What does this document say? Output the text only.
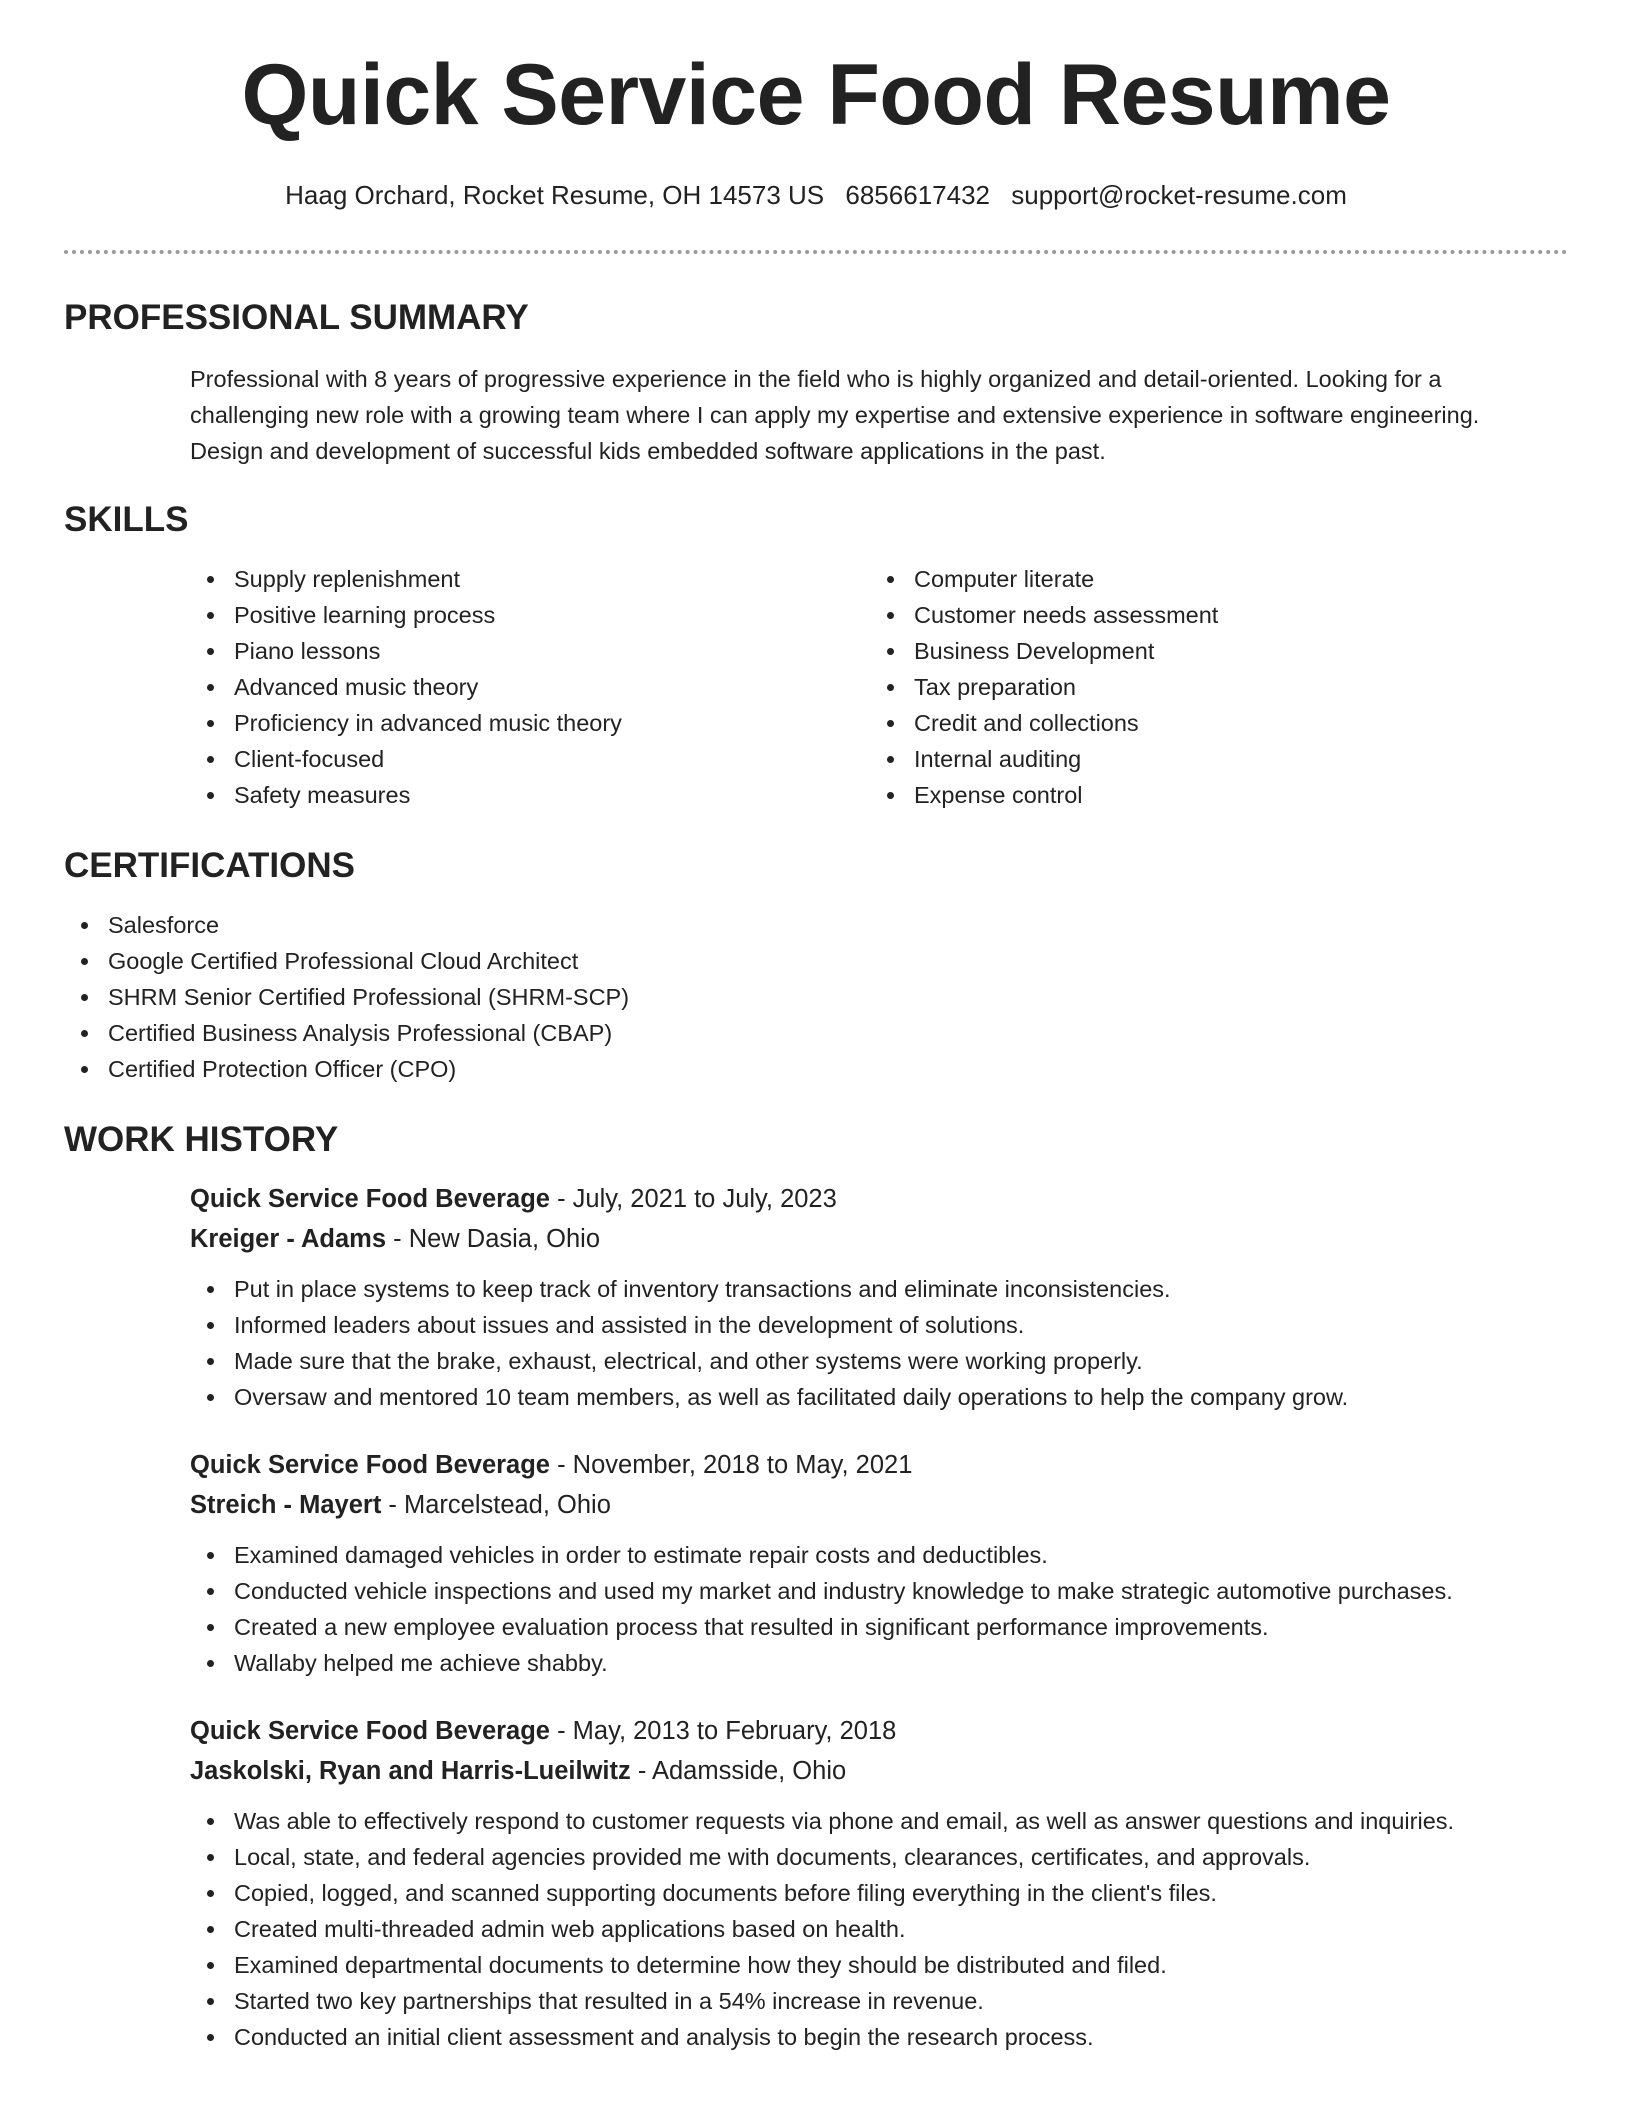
Quick Service Food Resume
Haag Orchard, Rocket Resume, OH 14573 US 6856617432 support@rocket-resume.com
PROFESSIONAL SUMMARY

Professional with 8 years of progressive experience in the field who is highly organized and detail-oriented. Looking for a

challenging new role with a growing team where I can apply my expertise and extensive experience in software engineering.

Design and development of successful kids embedded software applications in the past.

SKILLS
Supply replenishment
Positive learning process
Piano lessons
Advanced music theory
Proficiency in advanced music theory
Client-focused
Safety measures
Computer literate
Customer needs assessment
Business Development
Tax preparation
Credit and collections
Internal auditing
Expense control
CERTIFICATIONS
Salesforce
Google Certified Professional Cloud Architect
SHRM Senior Certified Professional (SHRM-SCP)
Certified Business Analysis Professional (CBAP)
Certified Protection Officer (CPO)
WORK HISTORY
Quick Service Food Beverage - July, 2021 to July, 2023
Kreiger - Adams - New Dasia, Ohio
Put in place systems to keep track of inventory transactions and eliminate inconsistencies.
Informed leaders about issues and assisted in the development of solutions.
Made sure that the brake, exhaust, electrical, and other systems were working properly.
Oversaw and mentored 10 team members, as well as facilitated daily operations to help the company grow.
Quick Service Food Beverage - November, 2018 to May, 2021
Streich - Mayert - Marcelstead, Ohio
Examined damaged vehicles in order to estimate repair costs and deductibles.
Conducted vehicle inspections and used my market and industry knowledge to make strategic automotive purchases.
Created a new employee evaluation process that resulted in significant performance improvements.
Wallaby helped me achieve shabby.
Quick Service Food Beverage - May, 2013 to February, 2018
Jaskolski, Ryan and Harris-Lueilwitz - Adamsside, Ohio
Was able to effectively respond to customer requests via phone and email, as well as answer questions and inquiries.
Local, state, and federal agencies provided me with documents, clearances, certificates, and approvals.
Copied, logged, and scanned supporting documents before filing everything in the client's files.
Created multi-threaded admin web applications based on health.
Examined departmental documents to determine how they should be distributed and filed.
Started two key partnerships that resulted in a 54% increase in revenue.
Conducted an initial client assessment and analysis to begin the research process.
